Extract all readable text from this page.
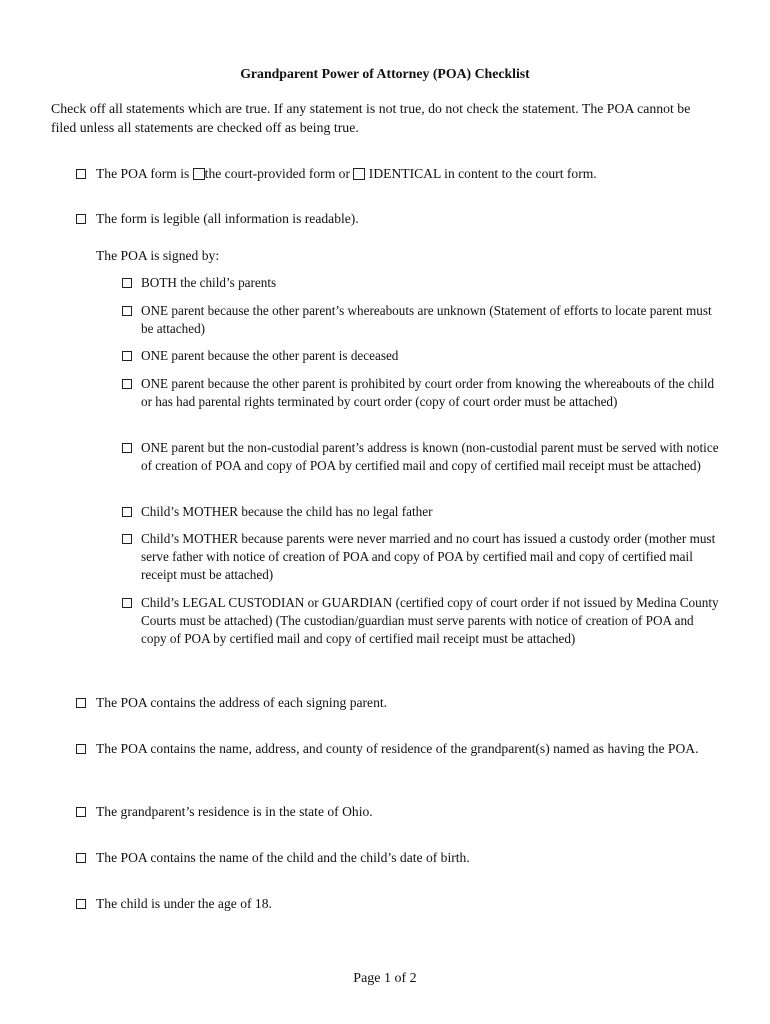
Grandparent Power of Attorney (POA) Checklist
Check off all statements which are true. If any statement is not true, do not check the statement. The POA cannot be filed unless all statements are checked off as being true.
The POA form is the court-provided form or  IDENTICAL in content to the court form.
The form is legible (all information is readable).
The POA is signed by:
BOTH the child’s parents
ONE parent because the other parent’s whereabouts are unknown (Statement of efforts to locate parent must be attached)
ONE parent because the other parent is deceased
ONE parent because the other parent is prohibited by court order from knowing the whereabouts of the child or has had parental rights terminated by court order (copy of court order must be attached)
ONE parent but the non-custodial parent’s address is known (non-custodial parent must be served with notice of creation of POA and copy of POA by certified mail and copy of certified mail receipt must be attached)
Child’s MOTHER because the child has no legal father
Child’s MOTHER because parents were never married and no court has issued a custody order (mother must serve father with notice of creation of POA and copy of POA by certified mail and copy of certified mail receipt must be attached)
Child’s LEGAL CUSTODIAN or GUARDIAN (certified copy of court order if not issued by Medina County Courts must be attached) (The custodian/guardian must serve parents with notice of creation of POA and copy of POA by certified mail and copy of certified mail receipt must be attached)
The POA contains the address of each signing parent.
The POA contains the name, address, and county of residence of the grandparent(s) named as having the POA.
The grandparent’s residence is in the state of Ohio.
The POA contains the name of the child and the child’s date of birth.
The child is under the age of 18.
Page 1 of 2
